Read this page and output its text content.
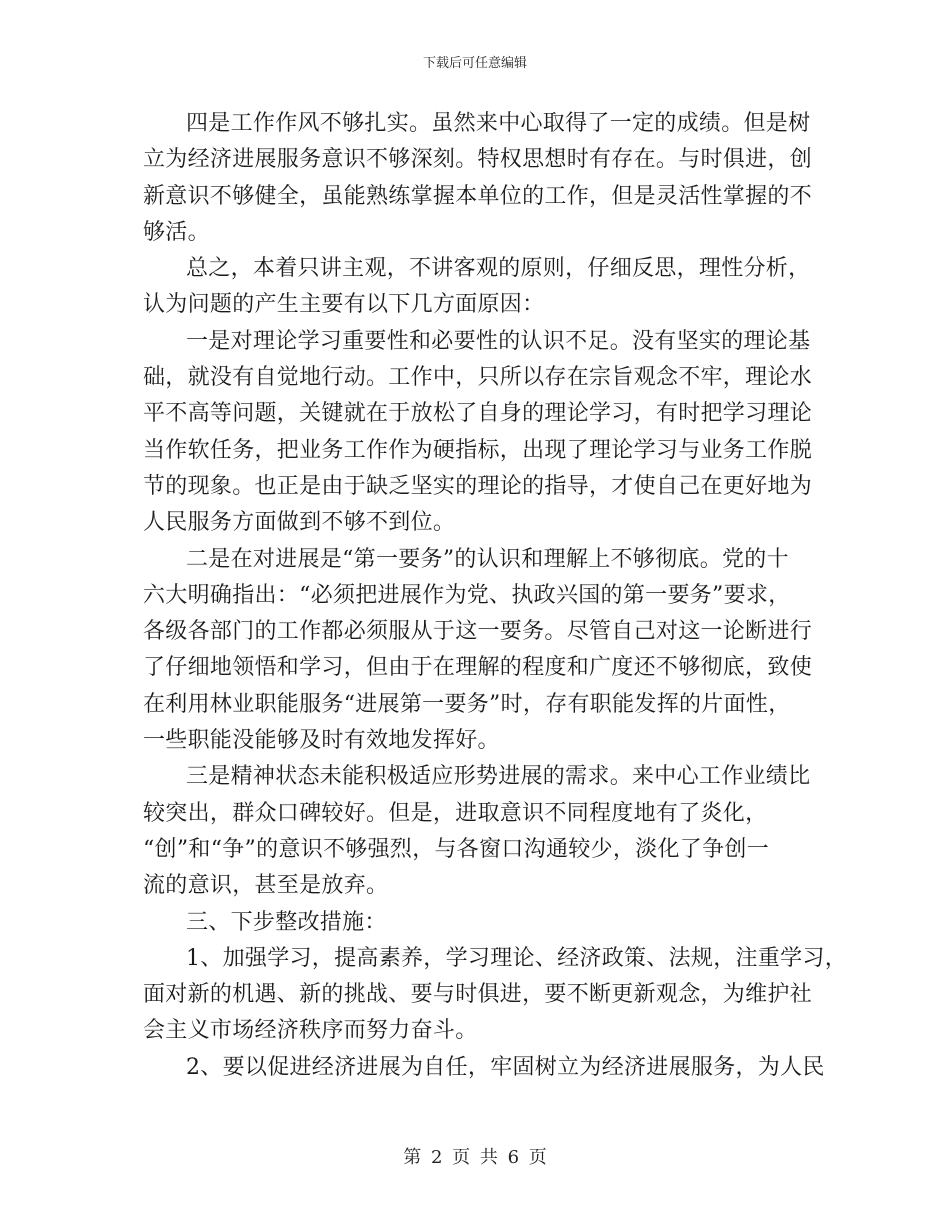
下载后可任意编辑
四是工作作风不够扎实。虽然来中心取得了一定的成绩。但是树
立为经济进展服务意识不够深刻。特权思想时有存在。与时俱进，创
新意识不够健全，虽能熟练掌握本单位的工作，但是灵活性掌握的不
够活。
总之，本着只讲主观，不讲客观的原则，仔细反思，理性分析，
认为问题的产生主要有以下几方面原因：
一是对理论学习重要性和必要性的认识不足。没有坚实的理论基
础，就没有自觉地行动。工作中，只所以存在宗旨观念不牢，理论水
平不高等问题，关键就在于放松了自身的理论学习，有时把学习理论
当作软任务，把业务工作作为硬指标，出现了理论学习与业务工作脱
节的现象。也正是由于缺乏坚实的理论的指导，才使自己在更好地为
人民服务方面做到不够不到位。
二是在对进展是“第一要务”的认识和理解上不够彻底。党的十
六大明确指出：“必须把进展作为党、执政兴国的第一要务”要求，
各级各部门的工作都必须服从于这一要务。尽管自己对这一论断进行
了仔细地领悟和学习，但由于在理解的程度和广度还不够彻底，致使
在利用林业职能服务“进展第一要务”时，存有职能发挥的片面性，
一些职能没能够及时有效地发挥好。
三是精神状态未能积极适应形势进展的需求。来中心工作业绩比
较突出，群众口碑较好。但是，进取意识不同程度地有了炎化，
“创”和“争”的意识不够强烈，与各窗口沟通较少，淡化了争创一
流的意识，甚至是放弃。
三、下步整改措施：
1、加强学习，提高素养，学习理论、经济政策、法规，注重学习，
面对新的机遇、新的挑战、要与时俱进，要不断更新观念，为维护社
会主义市场经济秩序而努力奋斗。
2、要以促进经济进展为自任，牢固树立为经济进展服务，为人民
第 2 页 共 6 页
